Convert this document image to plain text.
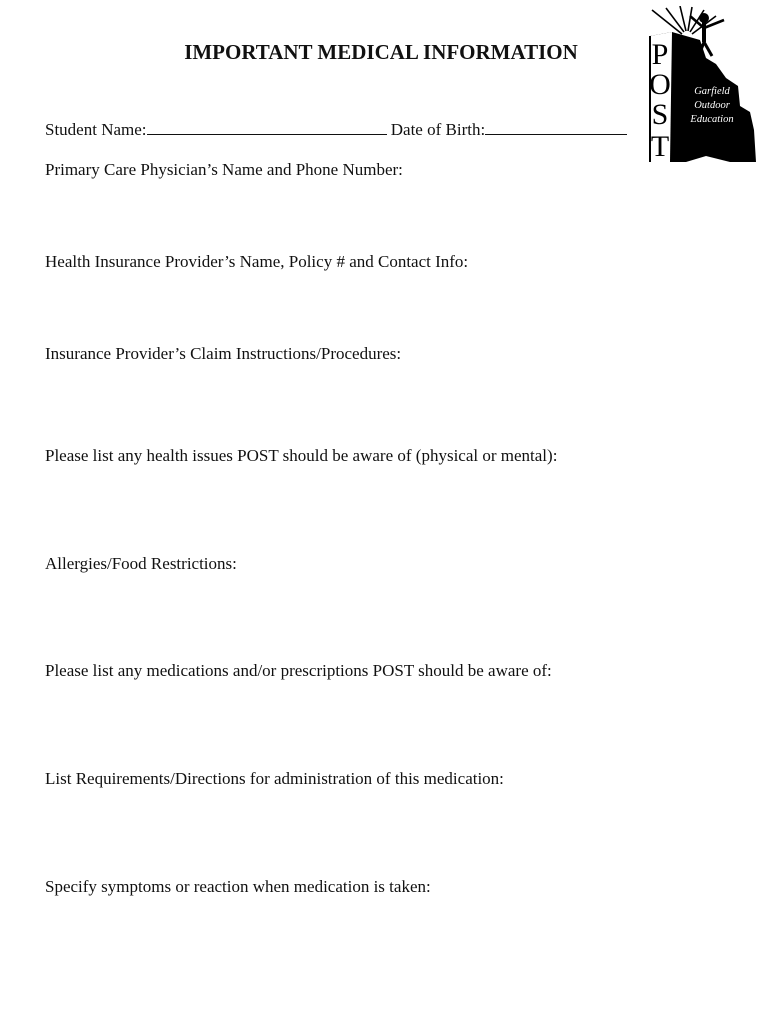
IMPORTANT MEDICAL INFORMATION
Student Name:	Date of Birth:
Primary Care Physician’s Name and Phone Number:
Health Insurance Provider’s Name, Policy # and Contact Info:
Insurance Provider’s Claim Instructions/Procedures:
Please list any health issues POST should be aware of (physical or mental):
Allergies/Food Restrictions:
Please list any medications and/or prescriptions POST should be aware of:
List Requirements/Directions for administration of this medication:
Specify symptoms or reaction when medication is taken:
P
O
S
T
Garfield
Outdoor
Education
